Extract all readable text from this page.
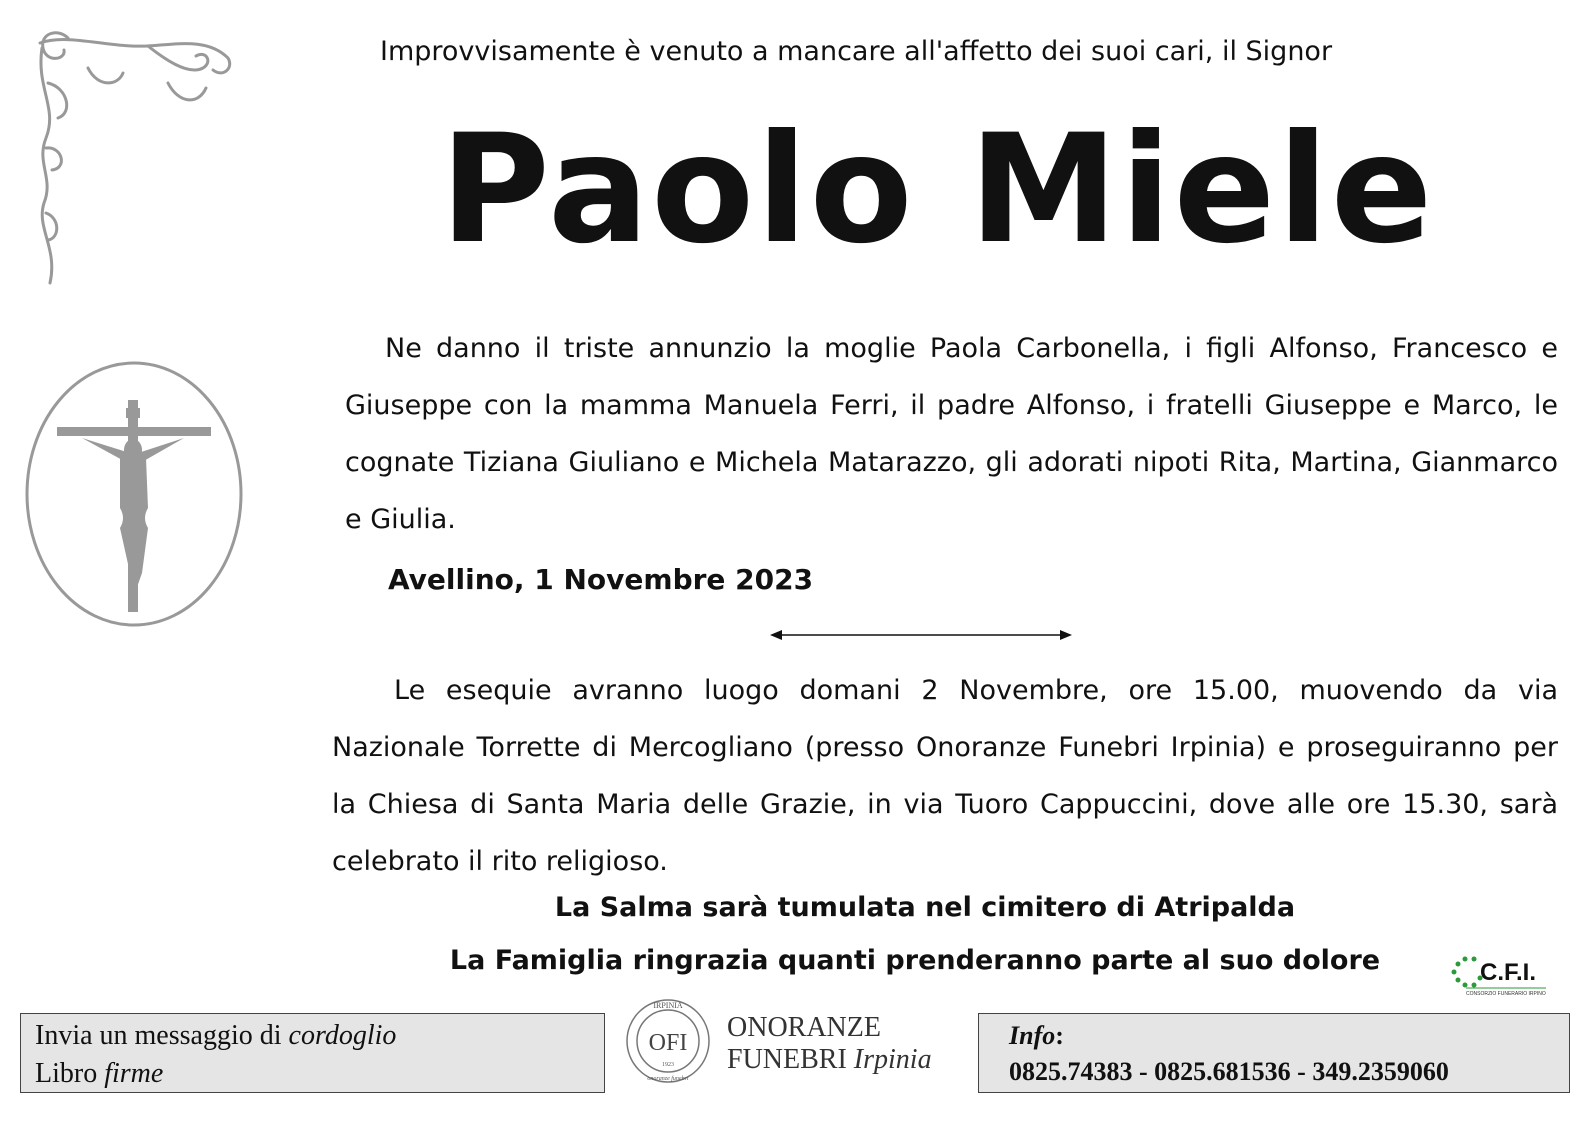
Improvvisamente è venuto a mancare all'affetto dei suoi cari, il Signor
Paolo Miele
Ne danno il triste annunzio la moglie Paola Carbonella, i figli Alfonso, Francesco e Giuseppe con la mamma Manuela Ferri, il padre Alfonso, i fratelli Giuseppe e Marco, le cognate Tiziana Giuliano e Michela Matarazzo, gli adorati nipoti Rita, Martina, Gianmarco e Giulia.
Avellino, 1 Novembre 2023
Le esequie avranno luogo domani 2 Novembre, ore 15.00, muovendo da via Nazionale Torrette di Mercogliano (presso Onoranze Funebri Irpinia) e proseguiranno per la Chiesa di Santa Maria delle Grazie, in via Tuoro Cappuccini, dove alle ore 15.30, sarà celebrato il rito religioso.
La Salma sarà tumulata nel cimitero di Atripalda
La Famiglia ringrazia quanti prenderanno parte al suo dolore	C.F.I.
CONSORZIO FUNERARIO IRPINO
Invia un messaggio di cordoglio
Libro firme
IRPINIA
OFI
1923
onoranze funebri
ONORANZE
FUNEBRI Irpinia
Info:
0825.74383 - 0825.681536 - 349.2359060
